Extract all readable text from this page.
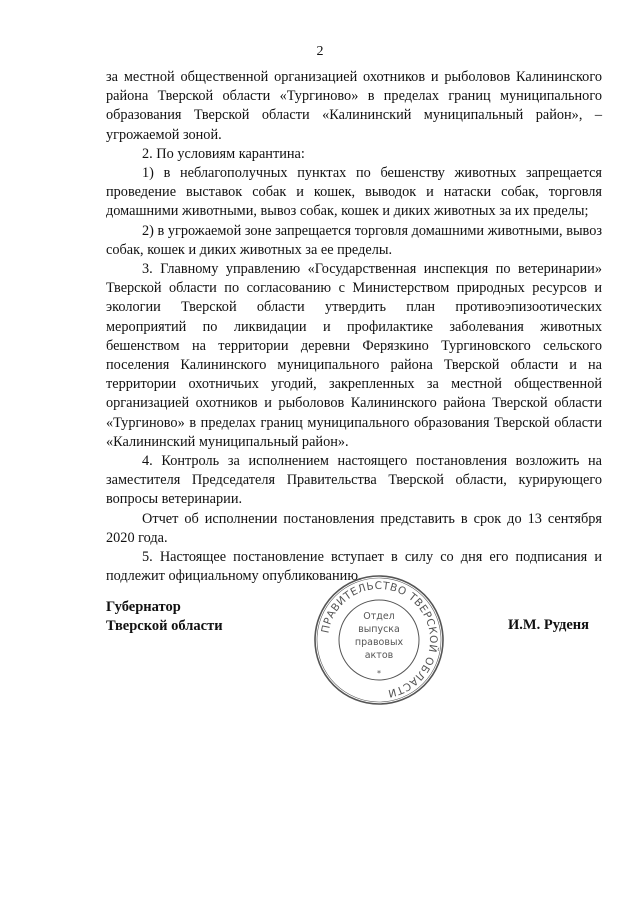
2

за местной общественной организацией охотников и рыболовов Калининского района Тверской области «Тургиново» в пределах границ муниципального образования Тверской области «Калининский муниципальный район», – угрожаемой зоной.

2. По условиям карантина:

1) в неблагополучных пунктах по бешенству животных запрещается проведение выставок собак и кошек, выводок и натаски собак, торговля домашними животными, вывоз собак, кошек и диких животных за их пределы;

2) в угрожаемой зоне запрещается торговля домашними животными, вывоз собак, кошек и диких животных за ее пределы.

3. Главному управлению «Государственная инспекция по ветеринарии» Тверской области по согласованию с Министерством природных ресурсов и экологии Тверской области утвердить план противоэпизоотических мероприятий по ликвидации и профилактике заболевания животных бешенством на территории деревни Ферязкино Тургиновского сельского поселения Калининского муниципального района Тверской области и на территории охотничьих угодий, закрепленных за местной общественной организацией охотников и рыболовов Калининского района Тверской области «Тургиново» в пределах границ муниципального образования Тверской области «Калининский муниципальный район».

4. Контроль за исполнением настоящего постановления возложить на заместителя Председателя Правительства Тверской области, курирующего вопросы ветеринарии.

Отчет об исполнении постановления представить в срок до 13 сентября 2020 года.

5. Настоящее постановление вступает в силу со дня его подписания и подлежит официальному опубликованию.

Губернатор
Тверской области	ПРАВИТЕЛЬСТВО ТВЕРСКОЙ ОБЛАСТИ
Отдел
выпуска
правовых
актов
*
И.М. Руденя
